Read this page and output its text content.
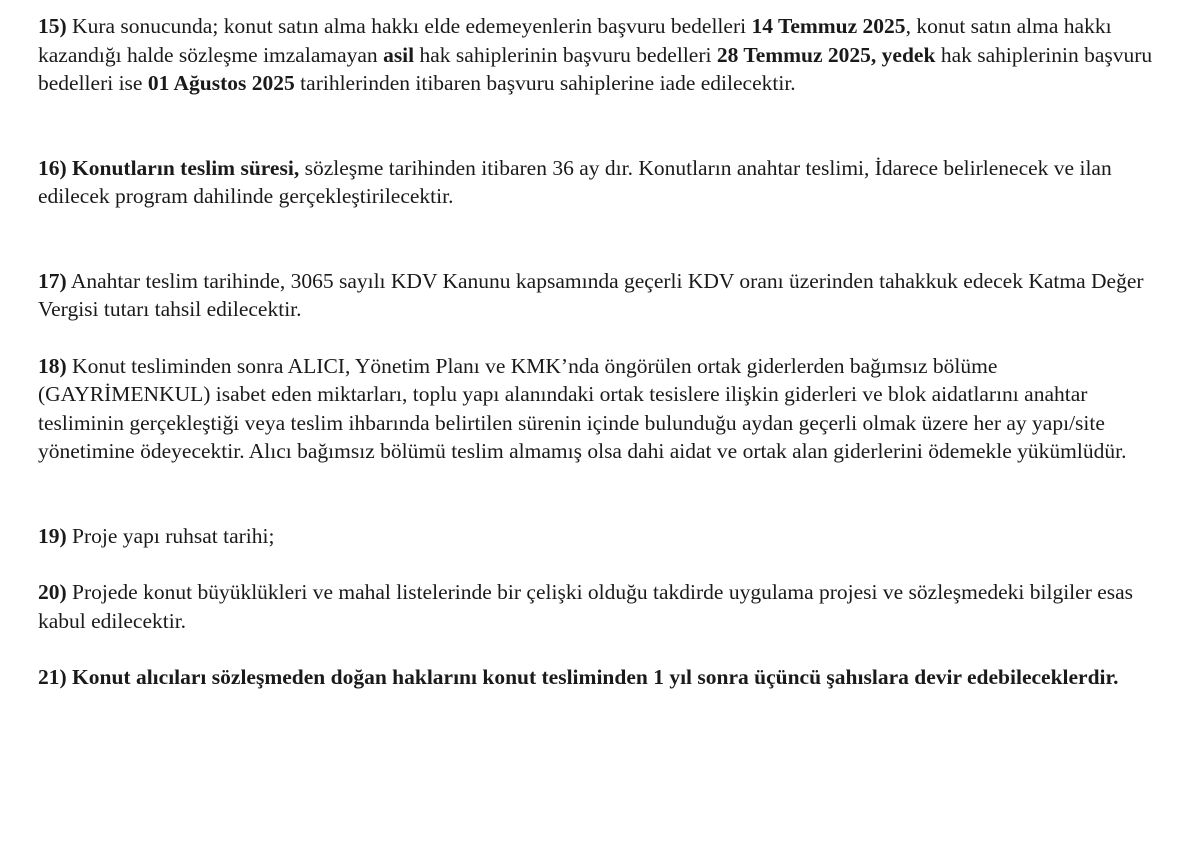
15) Kura sonucunda; konut satın alma hakkı elde edemeyenlerin başvuru bedelleri 14 Temmuz 2025, konut satın alma hakkı kazandığı halde sözleşme imzalamayan asil hak sahiplerinin başvuru bedelleri 28 Temmuz 2025, yedek hak sahiplerinin başvuru bedelleri ise 01 Ağustos 2025 tarihlerinden itibaren başvuru sahiplerine iade edilecektir.

16) Konutların teslim süresi, sözleşme tarihinden itibaren 36 ay dır. Konutların anahtar teslimi, İdarece belirlenecek ve ilan edilecek program dahilinde gerçekleştirilecektir.

17) Anahtar teslim tarihinde, 3065 sayılı KDV Kanunu kapsamında geçerli KDV oranı üzerinden tahakkuk edecek Katma Değer Vergisi tutarı tahsil edilecektir.

18) Konut tesliminden sonra ALICI, Yönetim Planı ve KMK’nda öngörülen ortak giderlerden bağımsız bölüme (GAYRİMENKUL) isabet eden miktarları, toplu yapı alanındaki ortak tesislere ilişkin giderleri ve blok aidatlarını anahtar tesliminin gerçekleştiği veya teslim ihbarında belirtilen sürenin içinde bulunduğu aydan geçerli olmak üzere her ay yapı/site yönetimine ödeyecektir. Alıcı bağımsız bölümü teslim almamış olsa dahi aidat ve ortak alan giderlerini ödemekle yükümlüdür.

19) Proje yapı ruhsat tarihi;

20) Projede konut büyüklükleri ve mahal listelerinde bir çelişki olduğu takdirde uygulama projesi ve sözleşmedeki bilgiler esas kabul edilecektir.

21) Konut alıcıları sözleşmeden doğan haklarını konut tesliminden 1 yıl sonra üçüncü şahıslara devir edebileceklerdir.
